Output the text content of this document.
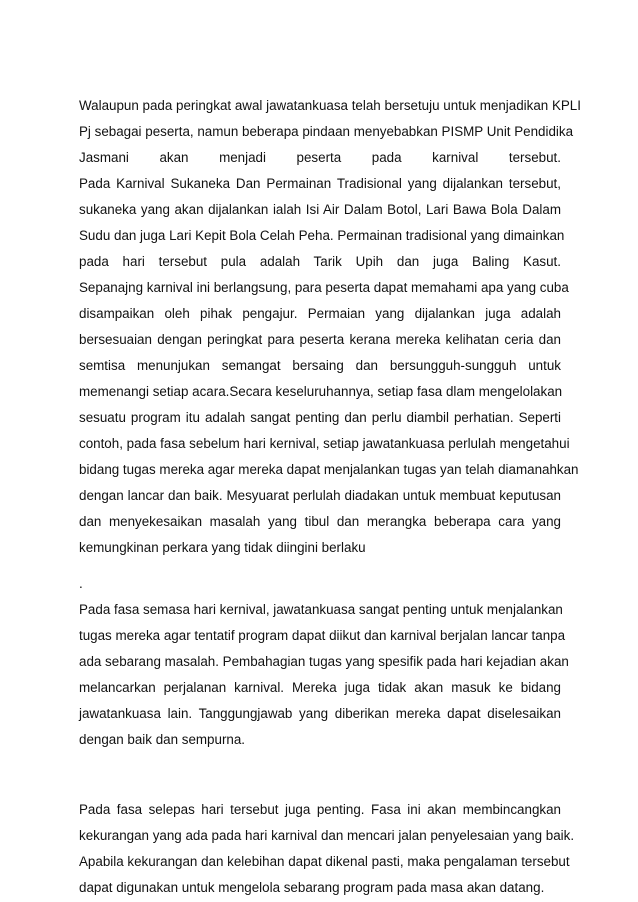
Walaupun pada peringkat awal jawatankuasa telah bersetuju untuk menjadikan KPLI
Pj sebagai peserta, namun beberapa pindaan menyebabkan PISMP Unit Pendidika
Jasmani akan menjadi peserta pada karnival tersebut.
Pada Karnival Sukaneka Dan Permainan Tradisional yang dijalankan tersebut,
sukaneka yang akan dijalankan ialah Isi Air Dalam Botol, Lari Bawa Bola Dalam
Sudu dan juga Lari Kepit Bola Celah Peha. Permainan tradisional yang dimainkan
pada hari tersebut pula adalah Tarik Upih dan juga Baling Kasut.
Sepanajng karnival ini berlangsung, para peserta dapat memahami apa yang cuba
disampaikan oleh pihak pengajur. Permaian yang dijalankan juga adalah
bersesuaian dengan peringkat para peserta kerana mereka kelihatan ceria dan
semtisa menunjukan semangat bersaing dan bersungguh-sungguh untuk
memenangi setiap acara.Secara keseluruhannya, setiap fasa dlam mengelolakan
sesuatu program itu adalah sangat penting dan perlu diambil perhatian. Seperti
contoh, pada fasa sebelum hari kernival, setiap jawatankuasa perlulah mengetahui
bidang tugas mereka agar mereka dapat menjalankan tugas yan telah diamanahkan
dengan lancar dan baik. Mesyuarat perlulah diadakan untuk membuat keputusan
dan menyekesaikan masalah yang tibul dan merangka beberapa cara yang
kemungkinan perkara yang tidak diingini berlaku

.

Pada fasa semasa hari kernival, jawatankuasa sangat penting untuk menjalankan
tugas mereka agar tentatif program dapat diikut dan karnival berjalan lancar tanpa
ada sebarang masalah. Pembahagian tugas yang spesifik pada hari kejadian akan
melancarkan perjalanan karnival. Mereka juga tidak akan masuk ke bidang
jawatankuasa lain. Tanggungjawab yang diberikan mereka dapat diselesaikan
dengan baik dan sempurna.

Pada fasa selepas hari tersebut juga penting. Fasa ini akan membincangkan
kekurangan yang ada pada hari karnival dan mencari jalan penyelesaian yang baik.
Apabila kekurangan dan kelebihan dapat dikenal pasti, maka pengalaman tersebut
dapat digunakan untuk mengelola sebarang program pada masa akan datang.
